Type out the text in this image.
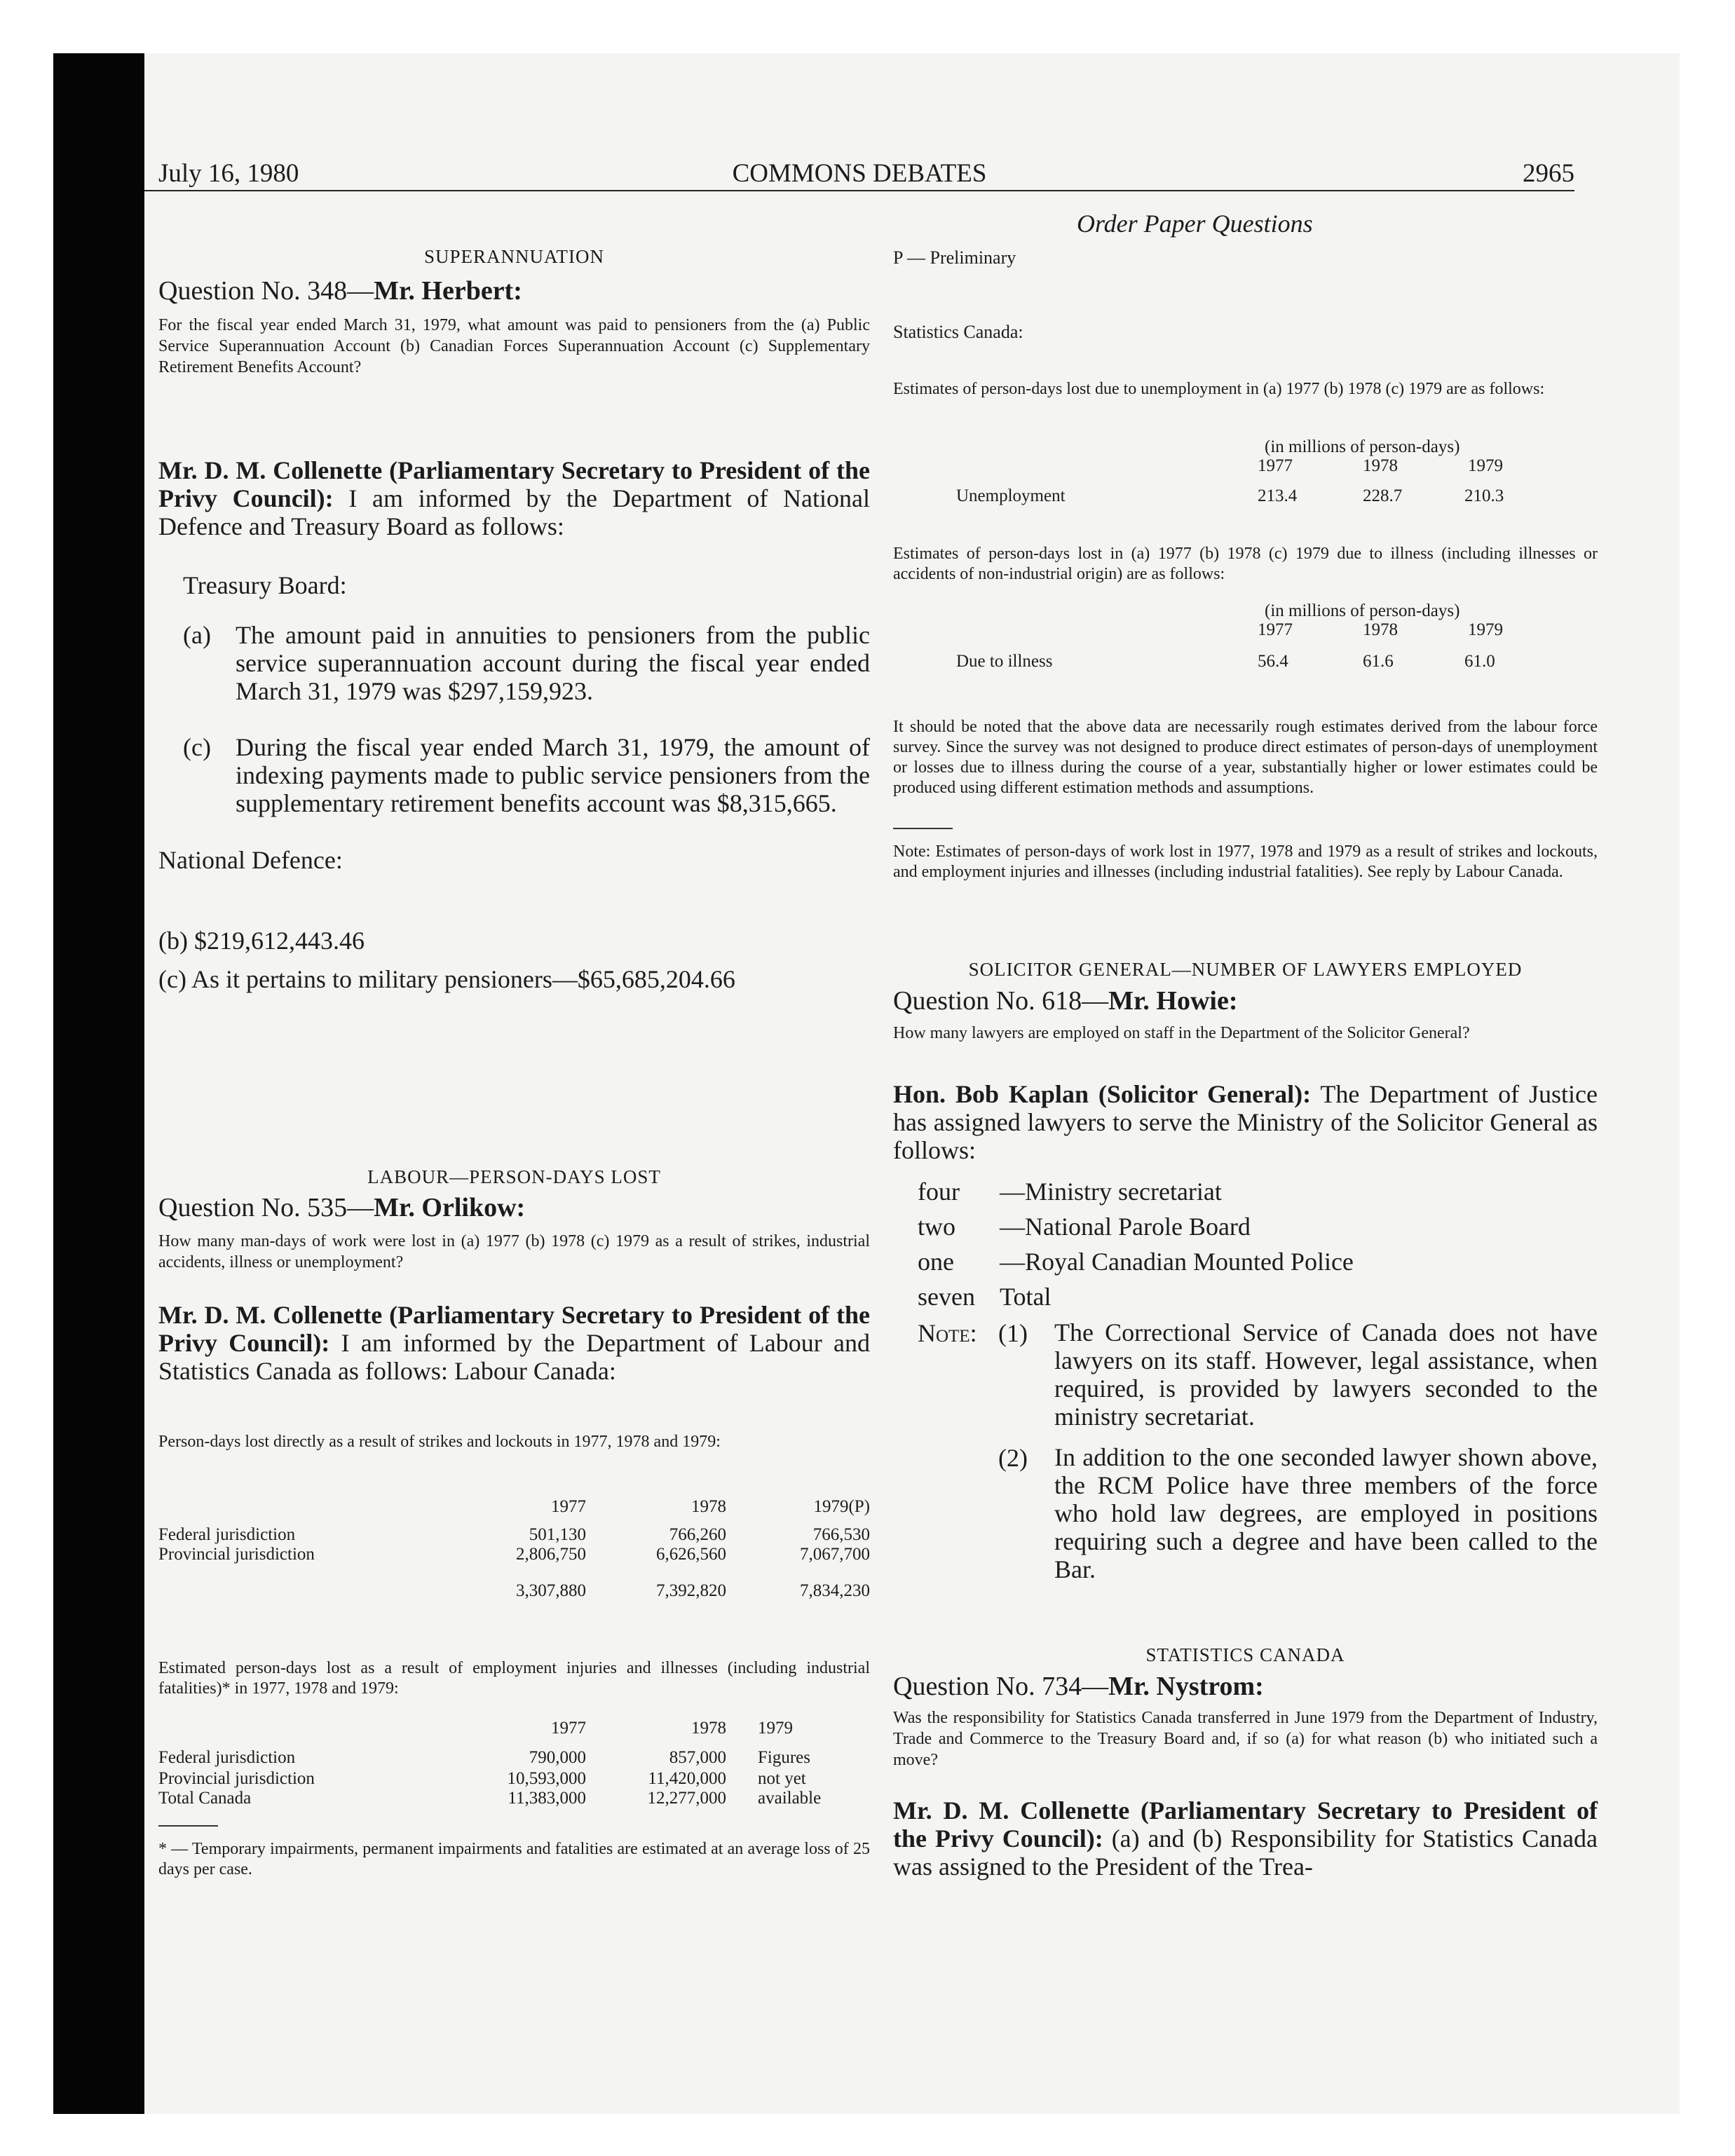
July 16, 1980	COMMONS DEBATES	2965
Order Paper Questions
SUPERANNUATION
Question No. 348—Mr. Herbert:
For the fiscal year ended March 31, 1979, what amount was paid to pensioners from the (a) Public Service Superannuation Account (b) Canadian Forces Superannuation Account (c) Supplementary Retirement Benefits Account?
Mr. D. M. Collenette (Parliamentary Secretary to President of the Privy Council): I am informed by the Department of National Defence and Treasury Board as follows:
Treasury Board:
(a) The amount paid in annuities to pensioners from the public service superannuation account during the fiscal year ended March 31, 1979 was $297,159,923.
(c) During the fiscal year ended March 31, 1979, the amount of indexing payments made to public service pensioners from the supplementary retirement benefits account was $8,315,665.
National Defence:
(b) $219,612,443.46
(c) As it pertains to military pensioners—$65,685,204.66
LABOUR—PERSON-DAYS LOST
Question No. 535—Mr. Orlikow:
How many man-days of work were lost in (a) 1977 (b) 1978 (c) 1979 as a result of strikes, industrial accidents, illness or unemployment?
Mr. D. M. Collenette (Parliamentary Secretary to President of the Privy Council): I am informed by the Department of Labour and Statistics Canada as follows: Labour Canada:
Person-days lost directly as a result of strikes and lockouts in 1977, 1978 and 1979:
1977	1978	1979(P)
Federal jurisdiction	501,130	766,260	766,530
Provincial jurisdiction	2,806,750	6,626,560	7,067,700
3,307,880	7,392,820	7,834,230
Estimated person-days lost as a result of employment injuries and illnesses (including industrial fatalities)* in 1977, 1978 and 1979:
1977	1978 1979
Federal jurisdiction	790,000	857,000 Figures
Provincial jurisdiction	10,593,000	11,420,000 not yet
Total Canada	11,383,000	12,277,000 available
* — Temporary impairments, permanent impairments and fatalities are estimated at an average loss of 25 days per case.
P — Preliminary
Statistics Canada:
Estimates of person-days lost due to unemployment in (a) 1977 (b) 1978 (c) 1979 are as follows:
(in millions of person-days)
1977	1978	1979
Unemployment	213.4	228.7	210.3
Estimates of person-days lost in (a) 1977 (b) 1978 (c) 1979 due to illness (including illnesses or accidents of non-industrial origin) are as follows:
(in millions of person-days)
1977	1978	1979
Due to illness	56.4	61.6	61.0
It should be noted that the above data are necessarily rough estimates derived from the labour force survey. Since the survey was not designed to produce direct estimates of person-days of unemployment or losses due to illness during the course of a year, substantially higher or lower estimates could be produced using different estimation methods and assumptions.
Note: Estimates of person-days of work lost in 1977, 1978 and 1979 as a result of strikes and lockouts, and employment injuries and illnesses (including industrial fatalities). See reply by Labour Canada.
SOLICITOR GENERAL—NUMBER OF LAWYERS EMPLOYED
Question No. 618—Mr. Howie:
How many lawyers are employed on staff in the Department of the Solicitor General?
Hon. Bob Kaplan (Solicitor General): The Department of Justice has assigned lawyers to serve the Ministry of the Solicitor General as follows:
four —Ministry secretariat
two —National Parole Board
one —Royal Canadian Mounted Police
seven Total
Note: (1) The Correctional Service of Canada does not have lawyers on its staff. However, legal assistance, when required, is provided by lawyers seconded to the ministry secretariat.
(2) In addition to the one seconded lawyer shown above, the RCM Police have three members of the force who hold law degrees, are employed in positions requiring such a degree and have been called to the Bar.
STATISTICS CANADA
Question No. 734—Mr. Nystrom:
Was the responsibility for Statistics Canada transferred in June 1979 from the Department of Industry, Trade and Commerce to the Treasury Board and, if so (a) for what reason (b) who initiated such a move?
Mr. D. M. Collenette (Parliamentary Secretary to President of the Privy Council): (a) and (b) Responsibility for Statistics Canada was assigned to the President of the Trea-
